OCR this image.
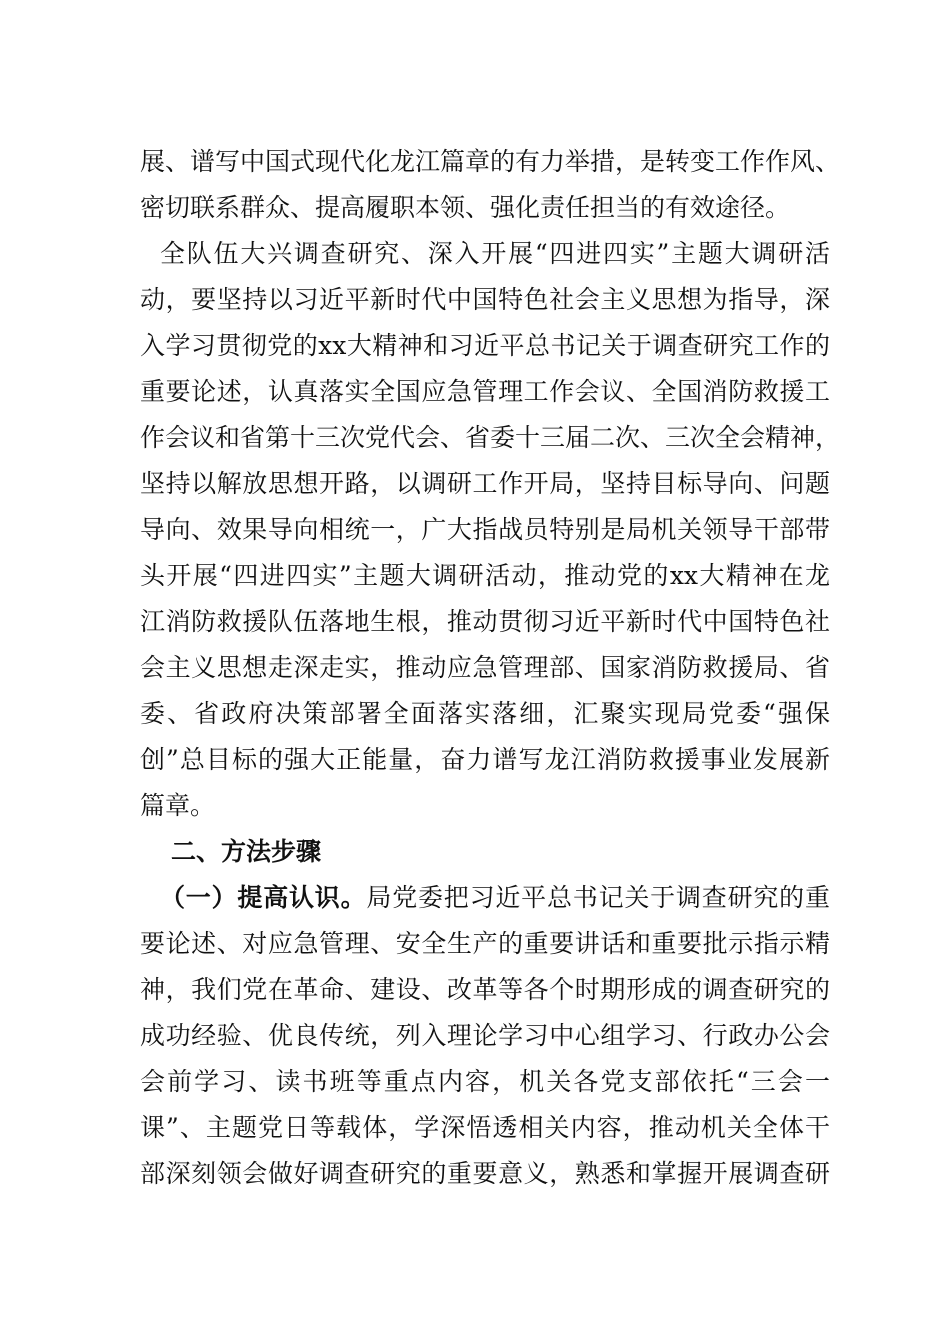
展、谱写中国式现代化龙江篇章的有力举措，是转变工作作风、
密切联系群众、提高履职本领、强化责任担当的有效途径。
全队伍大兴调查研究、深入开展“四进四实”主题大调研活
动，要坚持以习近平新时代中国特色社会主义思想为指导，深
入学习贯彻党的xx大精神和习近平总书记关于调查研究工作的
重要论述，认真落实全国应急管理工作会议、全国消防救援工
作会议和省第十三次党代会、省委十三届二次、三次全会精神，
坚持以解放思想开路，以调研工作开局，坚持目标导向、问题
导向、效果导向相统一，广大指战员特别是局机关领导干部带
头开展“四进四实”主题大调研活动，推动党的xx大精神在龙
江消防救援队伍落地生根，推动贯彻习近平新时代中国特色社
会主义思想走深走实，推动应急管理部、国家消防救援局、省
委、省政府决策部署全面落实落细，汇聚实现局党委“强保
创”总目标的强大正能量，奋力谱写龙江消防救援事业发展新
篇章。
二、方法步骤
（一）提高认识。局党委把习近平总书记关于调查研究的重
要论述、对应急管理、安全生产的重要讲话和重要批示指示精
神，我们党在革命、建设、改革等各个时期形成的调查研究的
成功经验、优良传统，列入理论学习中心组学习、行政办公会
会前学习、读书班等重点内容，机关各党支部依托“三会一
课”、主题党日等载体，学深悟透相关内容，推动机关全体干
部深刻领会做好调查研究的重要意义，熟悉和掌握开展调查研
